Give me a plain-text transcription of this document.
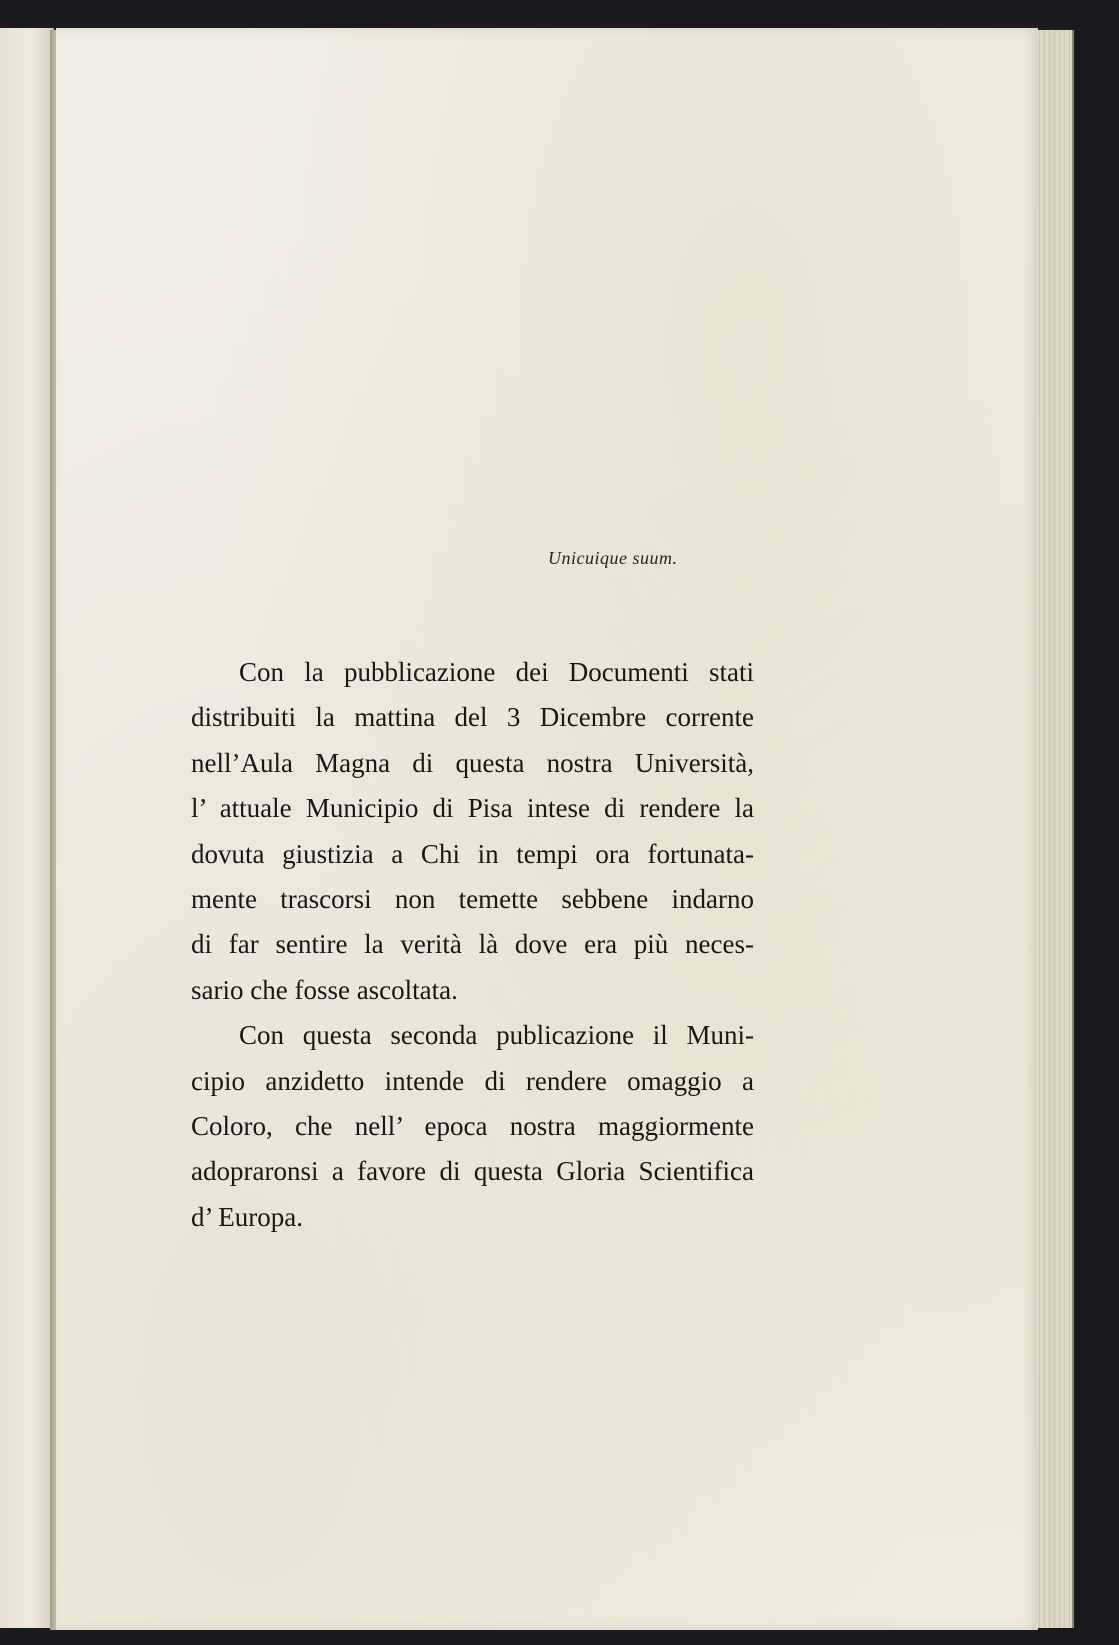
Unicuique suum.
Con la pubblicazione dei Documenti stati
distribuiti la mattina del 3 Dicembre corrente
nell’Aula Magna di questa nostra Università,
l’ attuale Municipio di Pisa intese di rendere la
dovuta giustizia a Chi in tempi ora fortunata-
mente trascorsi non temette sebbene indarno
di far sentire la verità là dove era più neces-
sario che fosse ascoltata.
Con questa seconda publicazione il Muni-
cipio anzidetto intende di rendere omaggio a
Coloro, che nell’ epoca nostra maggiormente
adopraronsi a favore di questa Gloria Scientifica
d’ Europa.
